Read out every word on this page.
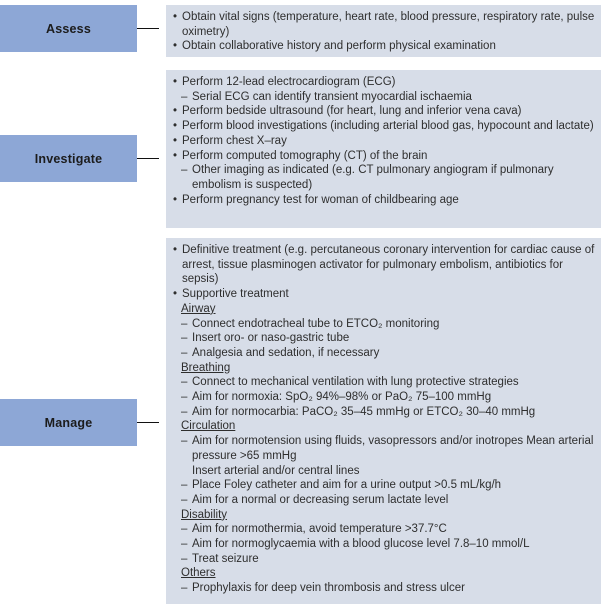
Assess
• Obtain vital signs (temperature, heart rate, blood pressure, respiratory rate, pulse oximetry)
• Obtain collaborative history and perform physical examination
Investigate
• Perform 12-lead electrocardiogram (ECG)
– Serial ECG can identify transient myocardial ischaemia
• Perform bedside ultrasound (for heart, lung and inferior vena cava)
• Perform blood investigations (including arterial blood gas, hypocount and lactate)
• Perform chest X–ray
• Perform computed tomography (CT) of the brain
– Other imaging as indicated (e.g. CT pulmonary angiogram if pulmonary embolism is suspected)
• Perform pregnancy test for woman of childbearing age
Manage
• Definitive treatment (e.g. percutaneous coronary intervention for cardiac cause of arrest, tissue plasminogen activator for pulmonary embolism, antibiotics for sepsis)
• Supportive treatment
Airway
– Connect endotracheal tube to ETCO₂ monitoring
– Insert oro- or naso-gastric tube
– Analgesia and sedation, if necessary
Breathing
– Connect to mechanical ventilation with lung protective strategies
– Aim for normoxia: SpO₂ 94%–98% or PaO₂ 75–100 mmHg
– Aim for normocarbia: PaCO₂ 35–45 mmHg or ETCO₂ 30–40 mmHg
Circulation
– Aim for normotension using fluids, vasopressors and/or inotropes Mean arterial pressure >65 mmHg
Insert arterial and/or central lines
– Place Foley catheter and aim for a urine output >0.5 mL/kg/h
– Aim for a normal or decreasing serum lactate level
Disability
– Aim for normothermia, avoid temperature >37.7°C
– Aim for normoglycaemia with a blood glucose level 7.8–10 mmol/L
– Treat seizure
Others
– Prophylaxis for deep vein thrombosis and stress ulcer
